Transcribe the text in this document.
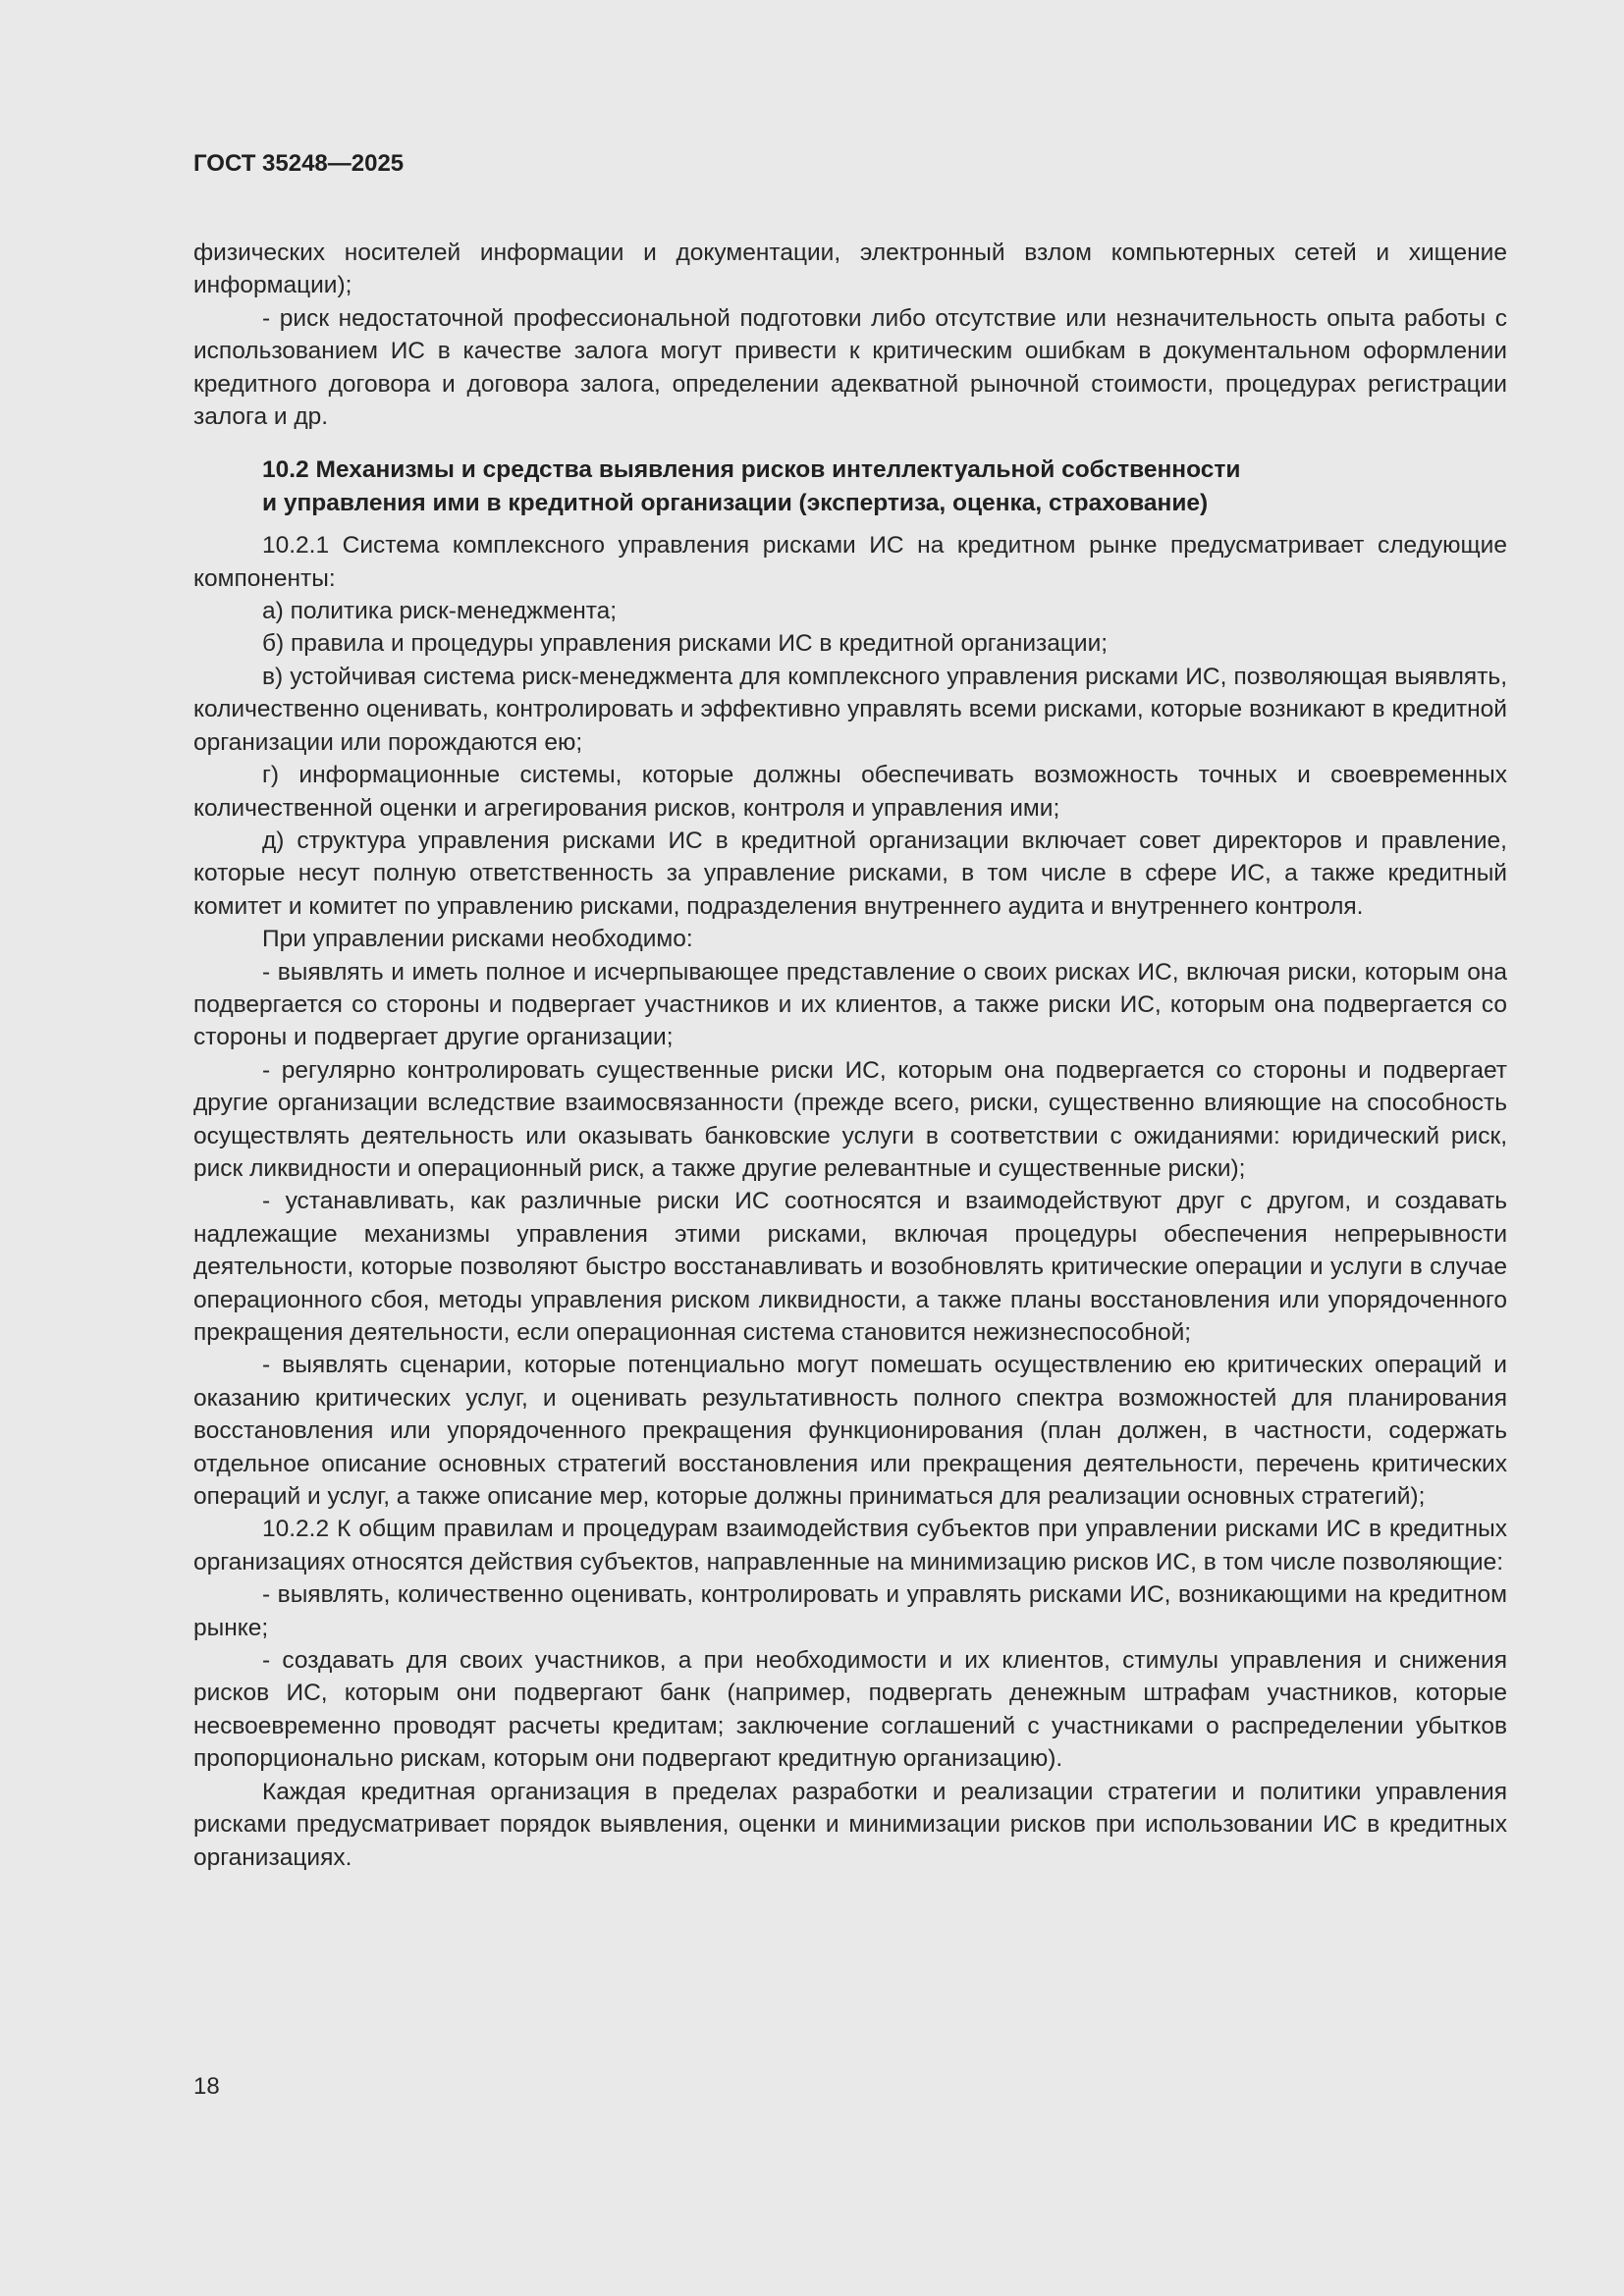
ГОСТ 35248—2025

физических носителей информации и документации, электронный взлом компьютерных сетей и хищение информации);

- риск недостаточной профессиональной подготовки либо отсутствие или незначительность опыта работы с использованием ИС в качестве залога могут привести к критическим ошибкам в документальном оформлении кредитного договора и договора залога, определении адекватной рыночной стоимости, процедурах регистрации залога и др.

10.2 Механизмы и средства выявления рисков интеллектуальной собственности
и управления ими в кредитной организации (экспертиза, оценка, страхование)

10.2.1 Система комплексного управления рисками ИС на кредитном рынке предусматривает следующие компоненты:

а) политика риск-менеджмента;

б) правила и процедуры управления рисками ИС в кредитной организации;

в) устойчивая система риск-менеджмента для комплексного управления рисками ИС, позволяющая выявлять, количественно оценивать, контролировать и эффективно управлять всеми рисками, которые возникают в кредитной организации или порождаются ею;

г) информационные системы, которые должны обеспечивать возможность точных и своевременных количественной оценки и агрегирования рисков, контроля и управления ими;

д) структура управления рисками ИС в кредитной организации включает совет директоров и правление, которые несут полную ответственность за управление рисками, в том числе в сфере ИС, а также кредитный комитет и комитет по управлению рисками, подразделения внутреннего аудита и внутреннего контроля.

При управлении рисками необходимо:

- выявлять и иметь полное и исчерпывающее представление о своих рисках ИС, включая риски, которым она подвергается со стороны и подвергает участников и их клиентов, а также риски ИС, которым она подвергается со стороны и подвергает другие организации;

- регулярно контролировать существенные риски ИС, которым она подвергается со стороны и подвергает другие организации вследствие взаимосвязанности (прежде всего, риски, существенно влияющие на способность осуществлять деятельность или оказывать банковские услуги в соответствии с ожиданиями: юридический риск, риск ликвидности и операционный риск, а также другие релевантные и существенные риски);

- устанавливать, как различные риски ИС соотносятся и взаимодействуют друг с другом, и создавать надлежащие механизмы управления этими рисками, включая процедуры обеспечения непрерывности деятельности, которые позволяют быстро восстанавливать и возобновлять критические операции и услуги в случае операционного сбоя, методы управления риском ликвидности, а также планы восстановления или упорядоченного прекращения деятельности, если операционная система становится нежизнеспособной;

- выявлять сценарии, которые потенциально могут помешать осуществлению ею критических операций и оказанию критических услуг, и оценивать результативность полного спектра возможностей для планирования восстановления или упорядоченного прекращения функционирования (план должен, в частности, содержать отдельное описание основных стратегий восстановления или прекращения деятельности, перечень критических операций и услуг, а также описание мер, которые должны приниматься для реализации основных стратегий);

10.2.2 К общим правилам и процедурам взаимодействия субъектов при управлении рисками ИС в кредитных организациях относятся действия субъектов, направленные на минимизацию рисков ИС, в том числе позволяющие:

- выявлять, количественно оценивать, контролировать и управлять рисками ИС, возникающими на кредитном рынке;

- создавать для своих участников, а при необходимости и их клиентов, стимулы управления и снижения рисков ИС, которым они подвергают банк (например, подвергать денежным штрафам участников, которые несвоевременно проводят расчеты кредитам; заключение соглашений с участниками о распределении убытков пропорционально рискам, которым они подвергают кредитную организацию).

Каждая кредитная организация в пределах разработки и реализации стратегии и политики управления рисками предусматривает порядок выявления, оценки и минимизации рисков при использовании ИС в кредитных организациях.

18
